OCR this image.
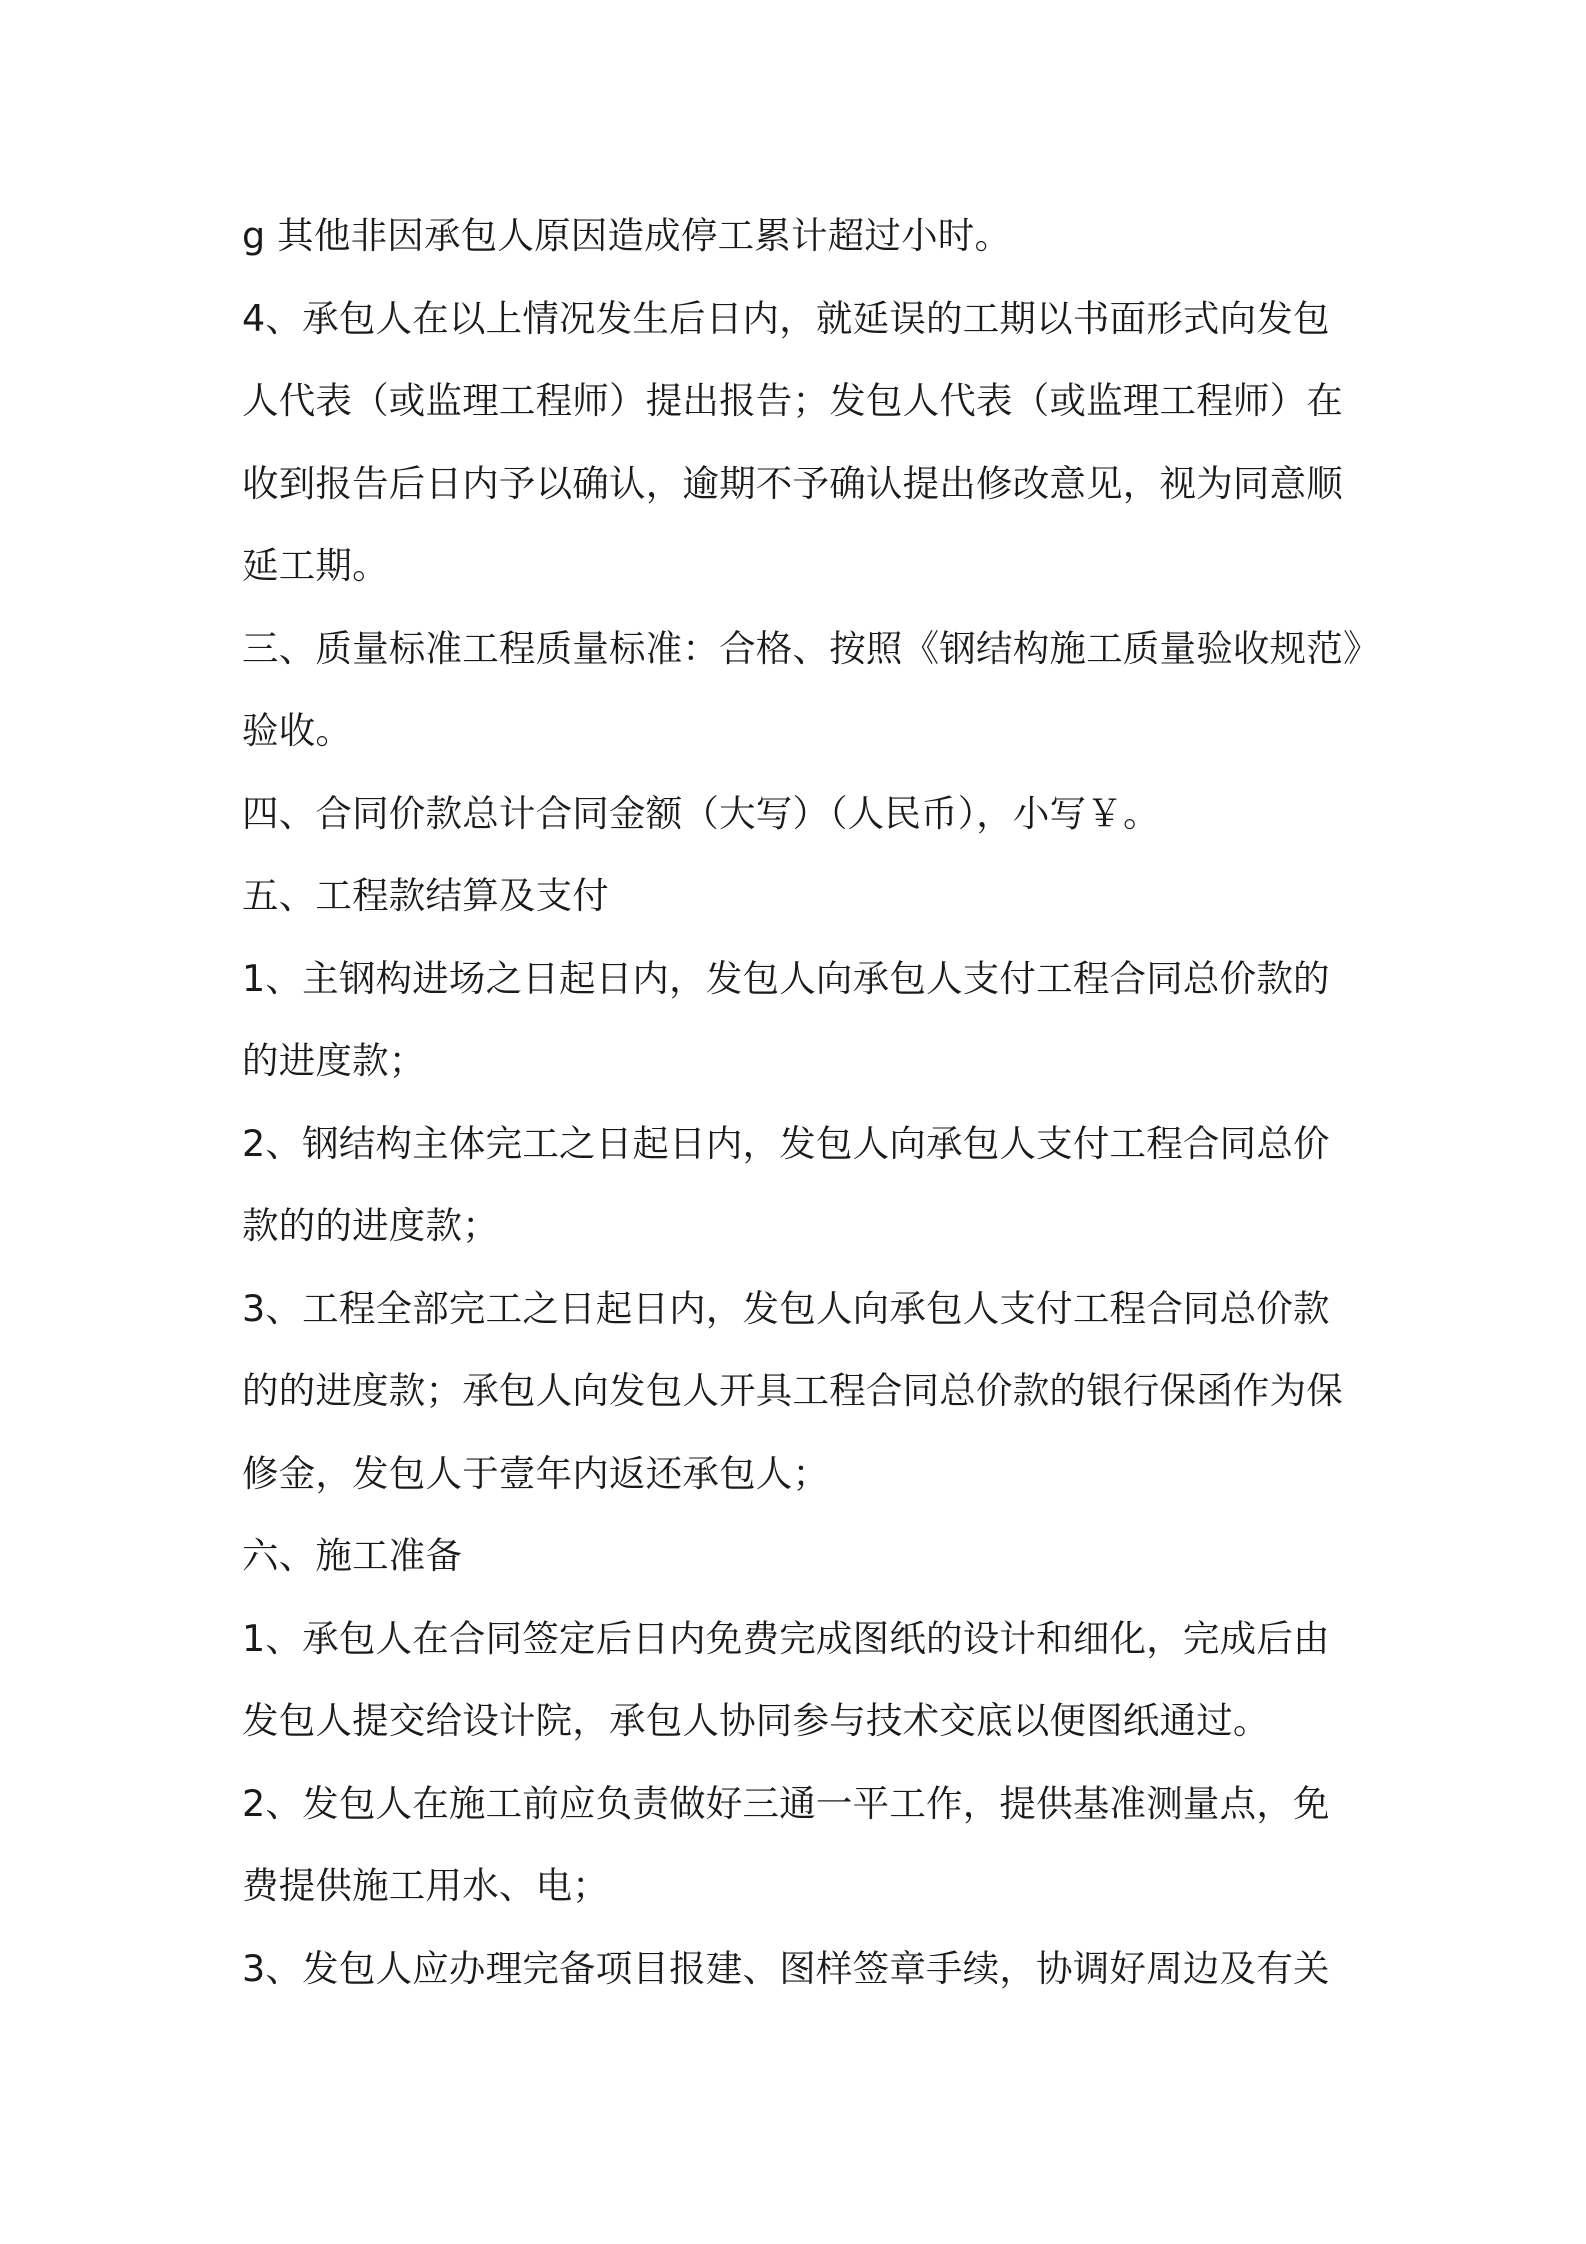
g 其他非因承包人原因造成停工累计超过小时。
4、承包人在以上情况发生后日内，就延误的工期以书面形式向发包
人代表（或监理工程师）提出报告；发包人代表（或监理工程师）在
收到报告后日内予以确认，逾期不予确认提出修改意见，视为同意顺
延工期。
三、质量标准工程质量标准：合格、按照《钢结构施工质量验收规范》
验收。
四、合同价款总计合同金额（大写）（人民币），小写￥。
五、工程款结算及支付
1、主钢构进场之日起日内，发包人向承包人支付工程合同总价款的
的进度款；
2、钢结构主体完工之日起日内，发包人向承包人支付工程合同总价
款的的进度款；
3、工程全部完工之日起日内，发包人向承包人支付工程合同总价款
的的进度款；承包人向发包人开具工程合同总价款的银行保函作为保
修金，发包人于壹年内返还承包人；
六、施工准备
1、承包人在合同签定后日内免费完成图纸的设计和细化，完成后由
发包人提交给设计院，承包人协同参与技术交底以便图纸通过。
2、发包人在施工前应负责做好三通一平工作，提供基准测量点，免
费提供施工用水、电；
3、发包人应办理完备项目报建、图样签章手续，协调好周边及有关
